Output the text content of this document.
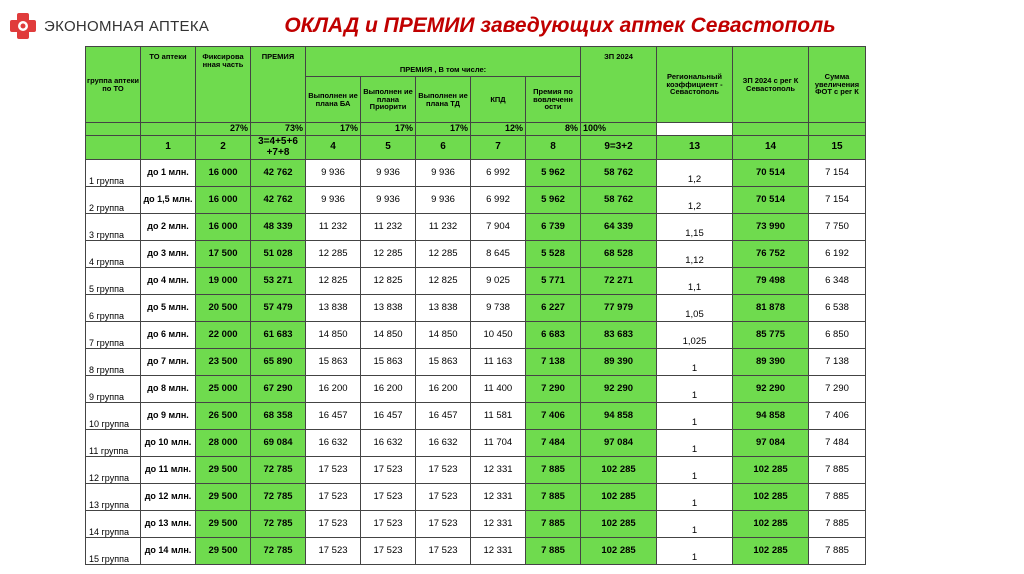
ЭКОНОМНАЯ АПТЕКА	ОКЛАД и ПРЕМИИ заведующих аптек Севастополь
группа аптеки по ТО	ТО аптеки	Фиксирова нная часть	ПРЕМИЯ	ПРЕМИЯ , В том числе:					ЗП 2024	Региональный коэффициент - Севастополь	ЗП 2024 с рег К Севастополь	Сумма увеличения ФОТ с рег К
				Выполнен ие плана БА	Выполнен ие плана Приорити	Выполнен ие плана ТД	КПД	Премия по вовлеченн ости				
		27%	73%	17%	17%	17%	12%	8%	100%			
	1	2	3=4+5+6 +7+8	4	5	6	7	8	9=3+2	13	14	15
1 группа	до 1 млн.	16 000	42 762	9 936	9 936	9 936	6 992	5 962	58 762	1,2	70 514	7 154
2 группа	до 1,5 млн.	16 000	42 762	9 936	9 936	9 936	6 992	5 962	58 762	1,2	70 514	7 154
3 группа	до 2 млн.	16 000	48 339	11 232	11 232	11 232	7 904	6 739	64 339	1,15	73 990	7 750
4 группа	до 3 млн.	17 500	51 028	12 285	12 285	12 285	8 645	5 528	68 528	1,12	76 752	6 192
5 группа	до 4 млн.	19 000	53 271	12 825	12 825	12 825	9 025	5 771	72 271	1,1	79 498	6 348
6 группа	до 5 млн.	20 500	57 479	13 838	13 838	13 838	9 738	6 227	77 979	1,05	81 878	6 538
7 группа	до 6 млн.	22 000	61 683	14 850	14 850	14 850	10 450	6 683	83 683	1,025	85 775	6 850
8 группа	до 7 млн.	23 500	65 890	15 863	15 863	15 863	11 163	7 138	89 390	1	89 390	7 138
9 группа	до 8 млн.	25 000	67 290	16 200	16 200	16 200	11 400	7 290	92 290	1	92 290	7 290
10 группа	до 9 млн.	26 500	68 358	16 457	16 457	16 457	11 581	7 406	94 858	1	94 858	7 406
11 группа	до 10 млн.	28 000	69 084	16 632	16 632	16 632	11 704	7 484	97 084	1	97 084	7 484
12 группа	до 11 млн.	29 500	72 785	17 523	17 523	17 523	12 331	7 885	102 285	1	102 285	7 885
13 группа	до 12 млн.	29 500	72 785	17 523	17 523	17 523	12 331	7 885	102 285	1	102 285	7 885
14 группа	до 13 млн.	29 500	72 785	17 523	17 523	17 523	12 331	7 885	102 285	1	102 285	7 885
15 группа	до 14 млн.	29 500	72 785	17 523	17 523	17 523	12 331	7 885	102 285	1	102 285	7 885
